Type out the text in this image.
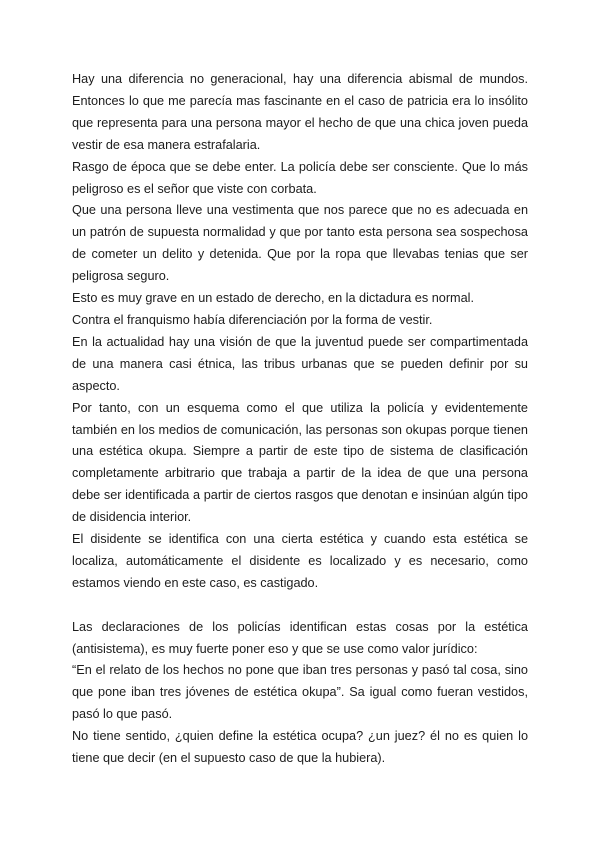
Hay una diferencia no generacional, hay una diferencia abismal de mundos. Entonces lo que me parecía mas fascinante en el caso de patricia era lo insólito que representa para una persona mayor el hecho de que una chica joven pueda vestir de esa manera estrafalaria.

Rasgo de época que se debe enter. La policía debe ser consciente. Que lo más peligroso es el señor que viste con corbata.

Que una persona lleve una vestimenta que nos parece que no es adecuada en un patrón de supuesta normalidad y que por tanto esta persona sea sospechosa de cometer un delito y detenida. Que por la ropa que llevabas tenias que ser peligrosa seguro.

Esto es muy grave en un estado de derecho, en la dictadura es normal.

Contra el franquismo había diferenciación por la forma de vestir.

En la actualidad hay una visión de que la juventud puede ser compartimentada de una manera casi étnica, las tribus urbanas que se pueden definir por su aspecto.

Por tanto, con un esquema como el que utiliza la policía y evidentemente también en los medios de comunicación, las personas son okupas porque tienen una estética okupa. Siempre a partir de este tipo de sistema de clasificación completamente arbitrario que trabaja a partir de la idea de que una persona debe ser identificada a partir de ciertos rasgos que denotan e insinúan algún tipo de disidencia interior.

El disidente se identifica con una cierta estética y cuando esta estética se localiza, automáticamente el disidente es localizado y es necesario, como estamos viendo en este caso, es castigado.

Las declaraciones de los policías identifican estas cosas por la estética (antisistema), es muy fuerte poner eso y que se use como valor jurídico:

“En el relato de los hechos no pone que iban tres personas y pasó tal cosa, sino que pone iban tres jóvenes de estética okupa”. Sa igual como fueran vestidos, pasó lo que pasó.

No tiene sentido, ¿quien define la estética ocupa? ¿un juez? él no es quien lo tiene que decir (en el supuesto caso de que la hubiera).
